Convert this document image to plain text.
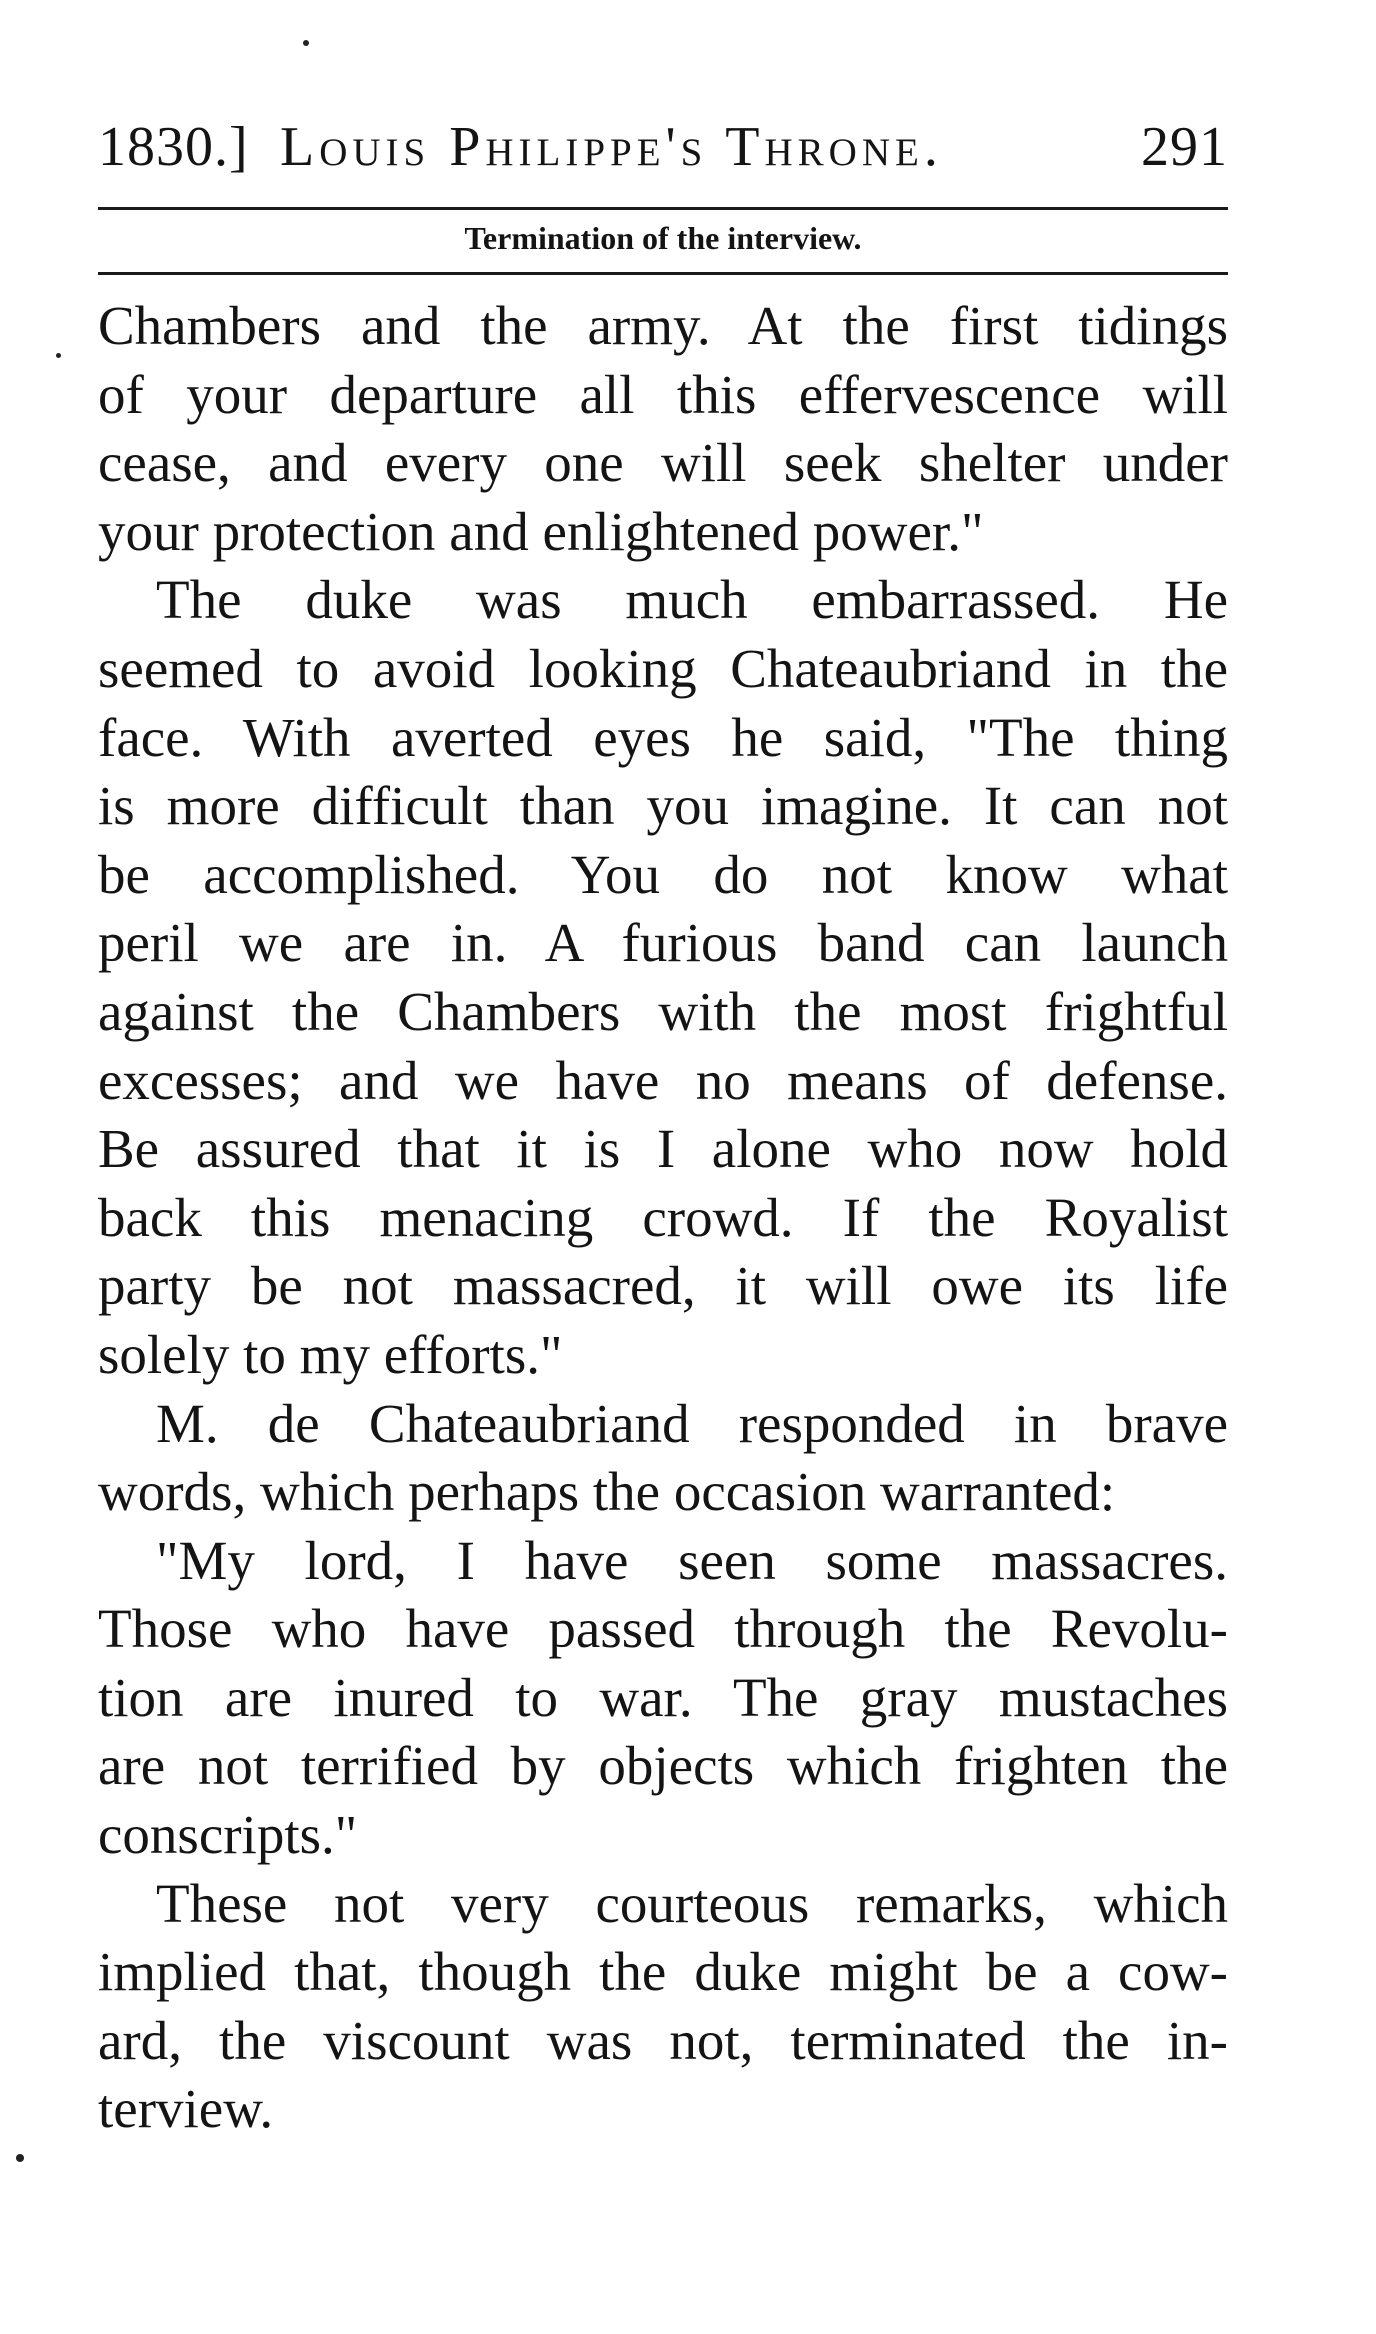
1830.] Louis Philippe's Throne.	291
Termination of the interview.

Chambers and the army. At the first tidings

of your departure all this effervescence will

cease, and every one will seek shelter under

your protection and enlightened power."

The duke was much embarrassed. He

seemed to avoid looking Chateaubriand in the

face. With averted eyes he said, "The thing

is more difficult than you imagine. It can not

be accomplished. You do not know what

peril we are in. A furious band can launch

against the Chambers with the most frightful

excesses; and we have no means of defense.

Be assured that it is I alone who now hold

back this menacing crowd. If the Royalist

party be not massacred, it will owe its life

solely to my efforts."

M. de Chateaubriand responded in brave

words, which perhaps the occasion warranted:

"My lord, I have seen some massacres.

Those who have passed through the Revolu-

tion are inured to war. The gray mustaches

are not terrified by objects which frighten the

conscripts."

These not very courteous remarks, which

implied that, though the duke might be a cow-

ard, the viscount was not, terminated the in-

terview.
